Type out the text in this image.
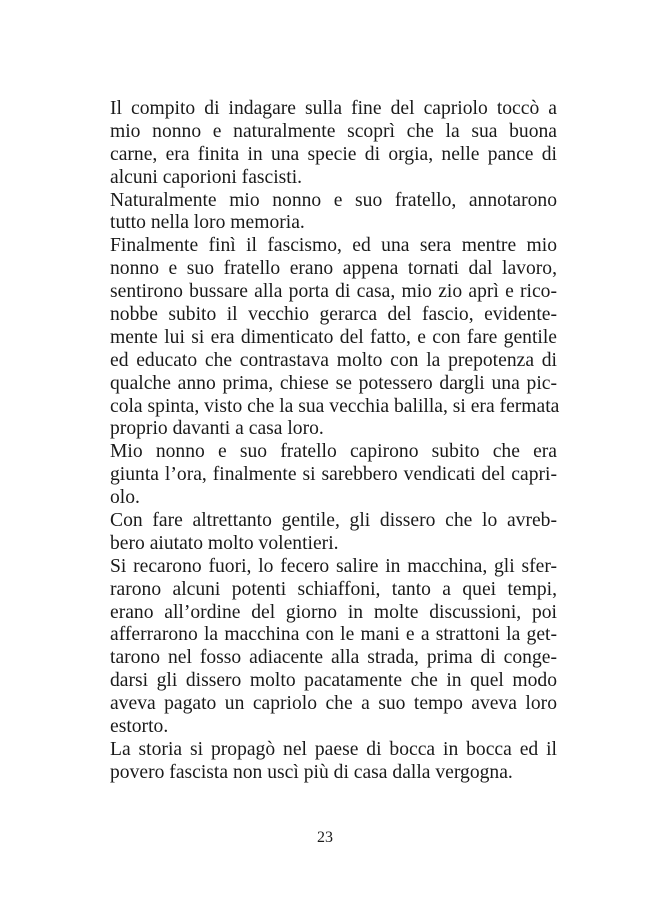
Il compito di indagare sulla fine del capriolo toccò a
mio nonno e naturalmente scoprì che la sua buona
carne, era finita in una specie di orgia, nelle pance di
alcuni caporioni fascisti.
Naturalmente mio nonno e suo fratello, annotarono
tutto nella loro memoria.
Finalmente finì il fascismo, ed una sera mentre mio
nonno e suo fratello erano appena tornati dal lavoro,
sentirono bussare alla porta di casa, mio zio aprì e rico-
nobbe subito il vecchio gerarca del fascio, evidente-
mente lui si era dimenticato del fatto, e con fare gentile
ed educato che contrastava molto con la prepotenza di
qualche anno prima, chiese se potessero dargli una pic-
cola spinta, visto che la sua vecchia balilla, si era fermata
proprio davanti a casa loro.
Mio nonno e suo fratello capirono subito che era
giunta l’ora, finalmente si sarebbero vendicati del capri-
olo.
Con fare altrettanto gentile, gli dissero che lo avreb-
bero aiutato molto volentieri.
Si recarono fuori, lo fecero salire in macchina, gli sfer-
rarono alcuni potenti schiaffoni, tanto a quei tempi,
erano all’ordine del giorno in molte discussioni, poi
afferrarono la macchina con le mani e a strattoni la get-
tarono nel fosso adiacente alla strada, prima di conge-
darsi gli dissero molto pacatamente che in quel modo
aveva pagato un capriolo che a suo tempo aveva loro
estorto.
La storia si propagò nel paese di bocca in bocca ed il
povero fascista non uscì più di casa dalla vergogna.
23
